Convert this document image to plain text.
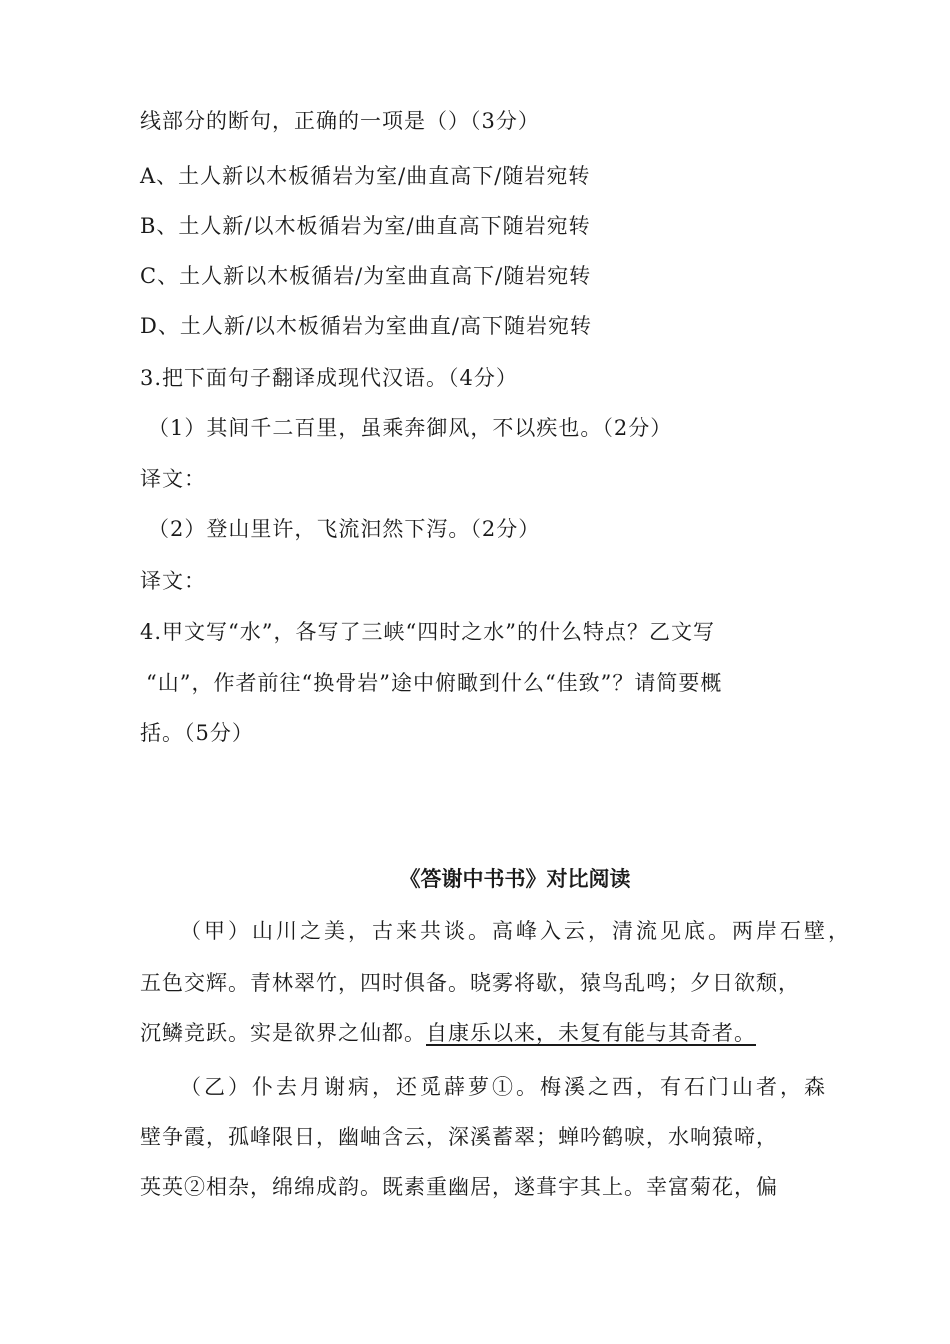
线部分的断句，正确的一项是（）（3分）
A、土人新以木板循岩为室/曲直高下/随岩宛转
B、土人新/以木板循岩为室/曲直高下随岩宛转
C、土人新以木板循岩/为室曲直高下/随岩宛转
D、土人新/以木板循岩为室曲直/高下随岩宛转
3.把下面句子翻译成现代汉语。（4分）
（1）其间千二百里，虽乘奔御风，不以疾也。（2分）
译文：
（2）登山里许，飞流汩然下泻。（2分）
译文：
4.甲文写“水”，各写了三峡“四时之水”的什么特点？乙文写
“山”，作者前往“换骨岩”途中俯瞰到什么“佳致”？请简要概
括。（5分）
《答谢中书书》对比阅读
（甲）山川之美，古来共谈。高峰入云，清流见底。两岸石壁，
五色交辉。青林翠竹，四时俱备。晓雾将歇，猿鸟乱鸣；夕日欲颓，
沉鳞竞跃。实是欲界之仙都。自康乐以来，未复有能与其奇者。
（乙）仆去月谢病，还觅薜萝①。梅溪之西，有石门山者，森
壁争霞，孤峰限日，幽岫含云，深溪蓄翠；蝉吟鹤唳，水响猿啼，
英英②相杂，绵绵成韵。既素重幽居，遂葺宇其上。幸富菊花，偏
